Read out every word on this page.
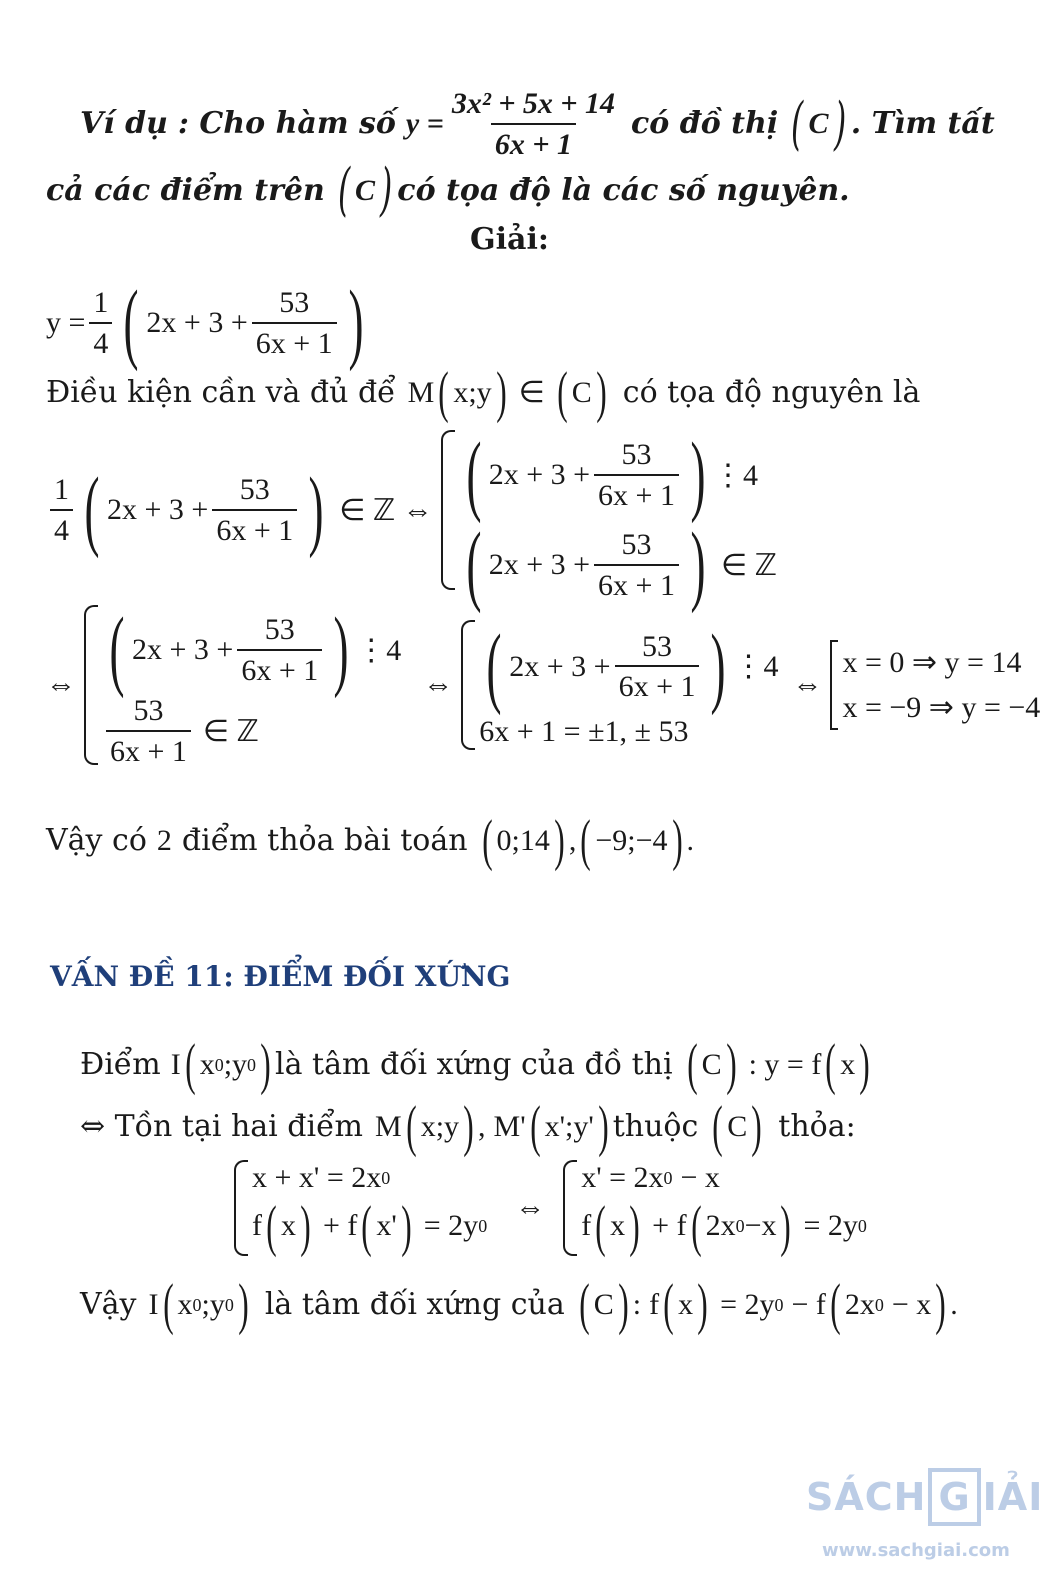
Ví dụ : Cho hàm số $y = \frac{\text{3x² + 5x + 14}}{6x + 1}$ có đồ thị ( C ) . Tìm tất
cả các điểm trên ( C ) có tọa độ là các số nguyên.
Giải:
$y = \frac{1}{4}$ ( $2x + 3 + \frac{53}{6x + 1}$ )
Điều kiện cần và đủ để M ( x;y ) ∈ ( C ) có tọa độ nguyên là
$\frac{1}{4}$ ( $2x + 3 + \frac{53}{6x + 1}$ ) ∈ ℤ ⇔ ( $2x + 3 + \frac{53}{6x + 1}$ ) ⋮4
( $2x + 3 + \frac{53}{6x + 1}$ ) ∈ ℤ
⇔ ( $2x + 3 + \frac{53}{6x + 1}$ ) ⋮4
$\frac{53}{6x + 1}$ ∈ ℤ
⇔ ( $2x + 3 + \frac{53}{6x + 1}$ ) ⋮4
6x + 1 = ±1, ± 53
⇔
x = 0 ⇒ y = 14
x = −9 ⇒ y = −4
Vậy có 2 điểm thỏa bài toán ( 0;14 ) , ( −9;−4 ) .
VẤN ĐỀ 11: ĐIỂM ĐỐI XỨNG
Điểm I ( x 0 ;y 0 ) là tâm đối xứng của đồ thị ( C ) : y = f ( x )
⇔ Tồn tại hai điểm M ( x;y ) , M' ( x';y' ) thuộc ( C ) thỏa:
x + x' = 2x 0
f ( x ) + f ( x' ) = 2y 0
⇔
x' = 2x 0 − x
f ( x ) + f ( 2x 0 −x ) = 2y 0
Vậy I ( x 0 ;y 0 ) là tâm đối xứng của ( C ) : f ( x ) = 2y 0 − f ( 2x 0 − x ) .
SÁCH G IẢI
www.sachgiai.com
